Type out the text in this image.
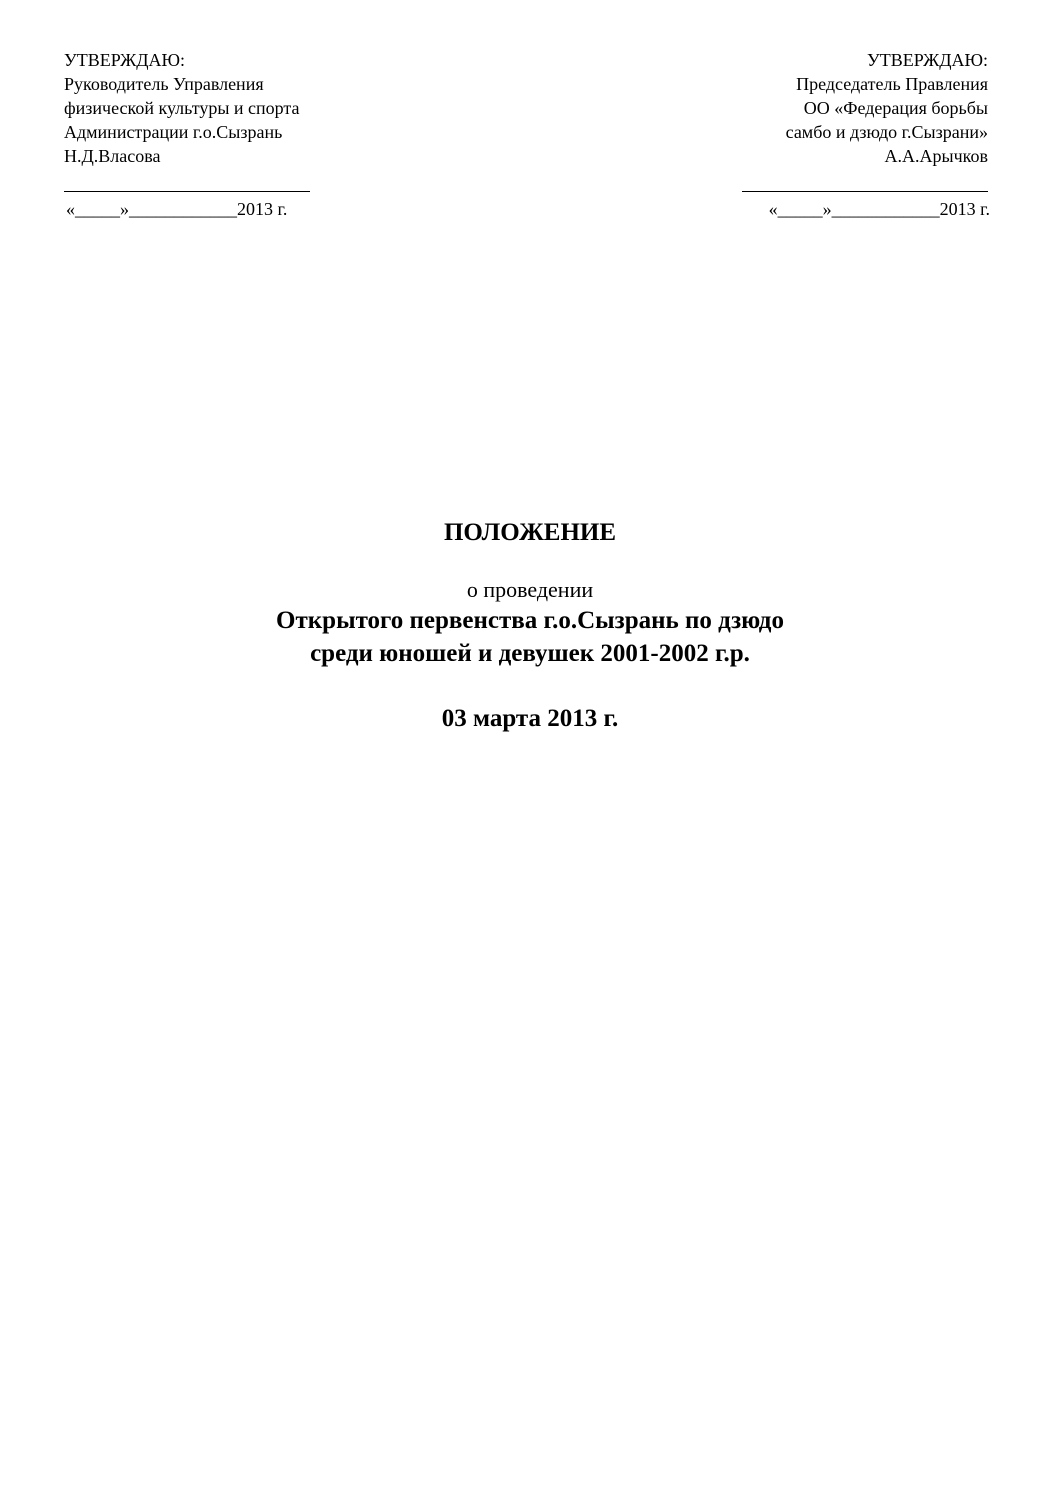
УТВЕРЖДАЮ:
Руководитель Управления
физической культуры и спорта
Администрации г.о.Сызрань
Н.Д.Власова
«_____»____________2013 г.
УТВЕРЖДАЮ:
Председатель Правления
ОО «Федерация борьбы
самбо и дзюдо г.Сызрани»
А.А.Арычков
«_____»____________2013 г.
ПОЛОЖЕНИЕ
о проведении
Открытого первенства г.о.Сызрань по дзюдо
среди юношей и девушек 2001-2002 г.р.
03 марта 2013 г.
